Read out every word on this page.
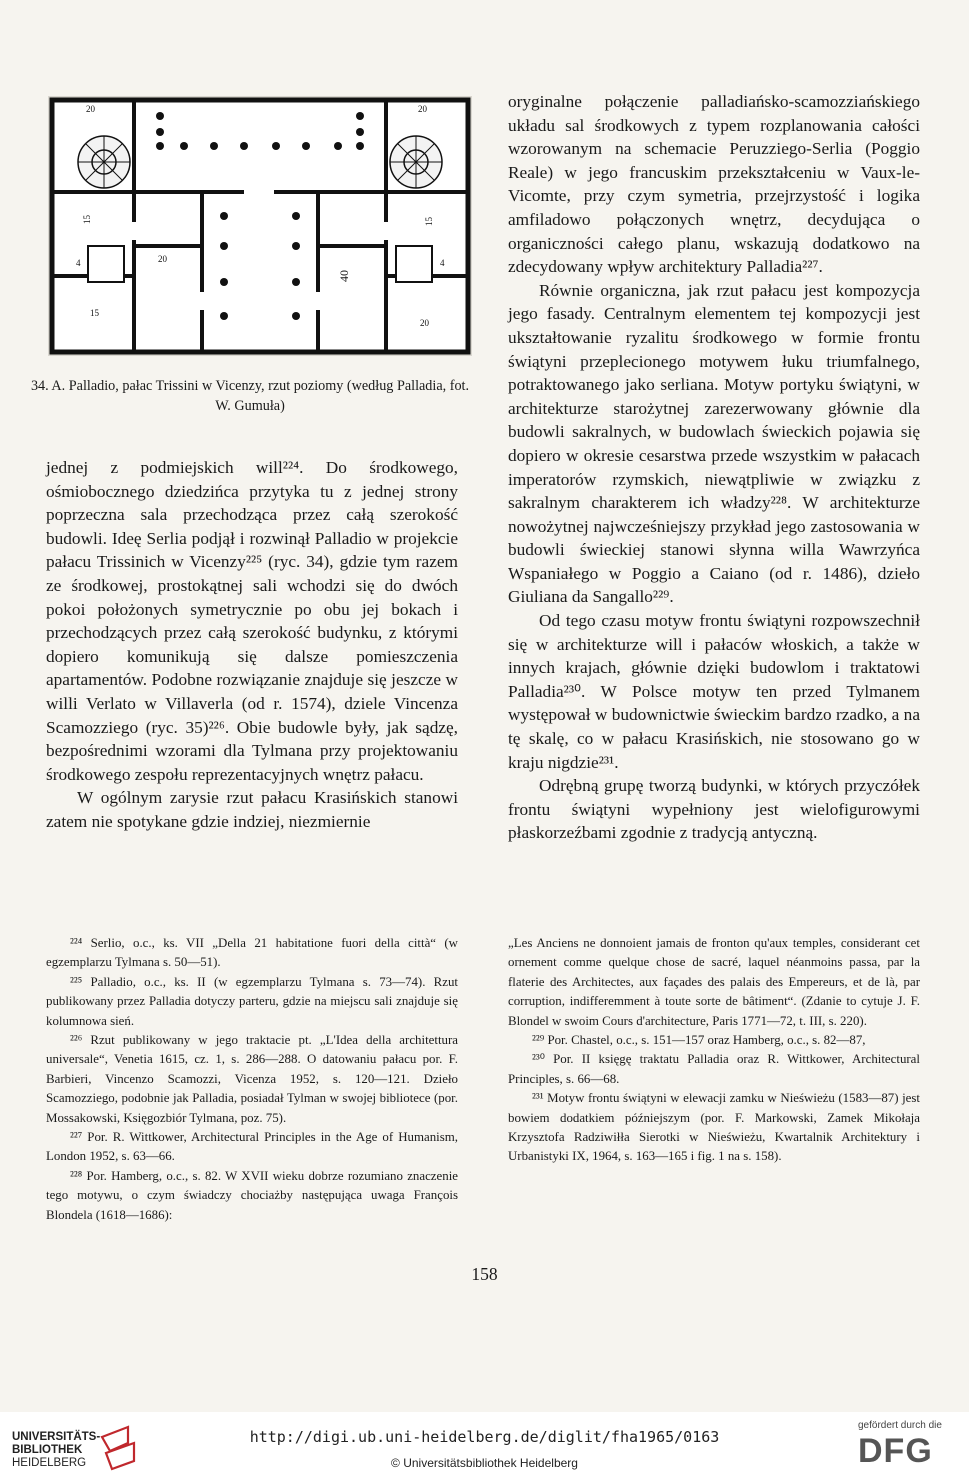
20
15
20
40
4
20
15
15
4
20
34. A. Palladio, pałac Trissini w Vicenzy, rzut poziomy (według Palladia, fot. W. Gumuła)

jednej z podmiejskich will²²⁴. Do środkowego, ośmiobocznego dziedzińca przytyka tu z jednej strony poprzeczna sala przechodząca przez całą szerokość budowli. Ideę Serlia podjął i rozwinął Palladio w projekcie pałacu Trissinich w Vicenzy²²⁵ (ryc. 34), gdzie tym razem ze środkowej, prostokątnej sali wchodzi się do dwóch pokoi położonych symetrycznie po obu jej bokach i przechodzących przez całą szerokość budynku, z którymi dopiero komunikują się dalsze pomieszczenia apartamentów. Podobne rozwiązanie znajduje się jeszcze w willi Verlato w Villaverla (od r. 1574), dziele Vincenza Scamozziego (ryc. 35)²²⁶. Obie budowle były, jak sądzę, bezpośrednimi wzorami dla Tylmana przy projektowaniu środkowego zespołu reprezentacyjnych wnętrz pałacu.

W ogólnym zarysie rzut pałacu Krasińskich stanowi zatem nie spotykane gdzie indziej, niezmiernie

oryginalne połączenie palladiańsko-scamozziańskiego układu sal środkowych z typem rozplanowania całości wzorowanym na schemacie Peruzziego-Serlia (Poggio Reale) w jego francuskim przekształceniu w Vaux-le-Vicomte, przy czym symetria, przejrzystość i logika amfiladowo połączonych wnętrz, decydująca o organiczności całego planu, wskazują dodatkowo na zdecydowany wpływ architektury Palladia²²⁷.

Równie organiczna, jak rzut pałacu jest kompozycja jego fasady. Centralnym elementem tej kompozycji jest ukształtowanie ryzalitu środkowego w formie frontu świątyni przeplecionego motywem łuku triumfalnego, potraktowanego jako serliana. Motyw portyku świątyni, w architekturze starożytnej zarezerwowany głównie dla budowli sakralnych, w budowlach świeckich pojawia się dopiero w okresie cesarstwa przede wszystkim w pałacach imperatorów rzymskich, niewątpliwie w związku z sakralnym charakterem ich władzy²²⁸. W architekturze nowożytnej najwcześniejszy przykład jego zastosowania w budowli świeckiej stanowi słynna willa Wawrzyńca Wspaniałego w Poggio a Caiano (od r. 1486), dzieło Giuliana da Sangallo²²⁹.

Od tego czasu motyw frontu świątyni rozpowszechnił się w architekturze will i pałaców włoskich, a także w innych krajach, głównie dzięki budowlom i traktatowi Palladia²³⁰. W Polsce motyw ten przed Tylmanem występował w budownictwie świeckim bardzo rzadko, a na tę skalę, co w pałacu Krasińskich, nie stosowano go w kraju nigdzie²³¹.

Odrębną grupę tworzą budynki, w których przyczółek frontu świątyni wypełniony jest wielofigurowymi płaskorzeźbami zgodnie z tradycją antyczną.

²²⁴ Serlio, o.c., ks. VII „Della 21 habitatione fuori della città“ (w egzemplarzu Tylmana s. 50—51).

²²⁵ Palladio, o.c., ks. II (w egzemplarzu Tylmana s. 73—74). Rzut publikowany przez Palladia dotyczy parteru, gdzie na miejscu sali znajduje się kolumnowa sień.

²²⁶ Rzut publikowany w jego traktacie pt. „L'Idea della architettura universale“, Venetia 1615, cz. 1, s. 286—288. O datowaniu pałacu por. F. Barbieri, Vincenzo Scamozzi, Vicenza 1952, s. 120—121. Dzieło Scamozziego, podobnie jak Palladia, posiadał Tylman w swojej bibliotece (por. Mossakowski, Księgozbiór Tylmana, poz. 75).

²²⁷ Por. R. Wittkower, Architectural Principles in the Age of Humanism, London 1952, s. 63—66.

²²⁸ Por. Hamberg, o.c., s. 82. W XVII wieku dobrze rozumiano znaczenie tego motywu, o czym świadczy chociażby następująca uwaga François Blondela (1618—1686):

„Les Anciens ne donnoient jamais de fronton qu'aux temples, considerant cet ornement comme quelque chose de sacré, laquel néanmoins passa, par la flaterie des Architectes, aux façades des palais des Empereurs, et de là, par corruption, indifferemment à toute sorte de bâtiment“. (Zdanie to cytuje J. F. Blondel w swoim Cours d'architecture, Paris 1771—72, t. III, s. 220).

²²⁹ Por. Chastel, o.c., s. 151—157 oraz Hamberg, o.c., s. 82—87,

²³⁰ Por. II księgę traktatu Palladia oraz R. Wittkower, Architectural Principles, s. 66—68.

²³¹ Motyw frontu świątyni w elewacji zamku w Nieświeżu (1583—87) jest bowiem dodatkiem późniejszym (por. F. Markowski, Zamek Mikołaja Krzysztofa Radziwiłła Sierotki w Nieświeżu, Kwartalnik Architektury i Urbanistyki IX, 1964, s. 163—165 i fig. 1 na s. 158).

158
UNIVERSITÄTS-
BIBLIOTHEK
HEIDELBERG
http://digi.ub.uni-heidelberg.de/diglit/fha1965/0163
© Universitätsbibliothek Heidelberg
gefördert durch die
DFG
